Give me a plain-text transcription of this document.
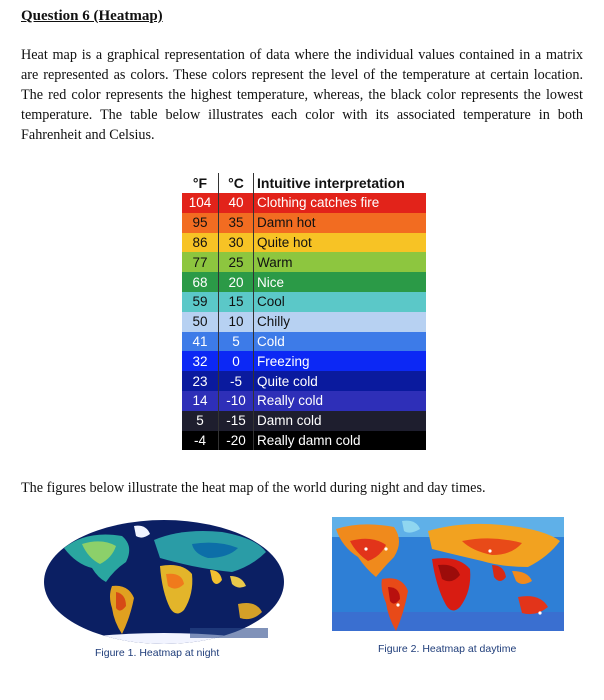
Question 6 (Heatmap)
Heat map is a graphical representation of data where the individual values contained in a matrix are represented as colors. These colors represent the level of the temperature at certain location. The red color represents the highest temperature, whereas, the black color represents the lowest temperature. The table below illustrates each color with its associated temperature in both Fahrenheit and Celsius.
°F	°C	Intuitive interpretation
104	40	Clothing catches fire
95	35	Damn hot
86	30	Quite hot
77	25	Warm
68	20	Nice
59	15	Cool
50	10	Chilly
41	5	Cold
32	0	Freezing
23	-5	Quite cold
14	-10	Really cold
5	-15	Damn cold
-4	-20	Really damn cold
The figures below illustrate the heat map of the world during night and day times.
Figure 1. Heatmap at night	Figure 2. Heatmap at daytime
